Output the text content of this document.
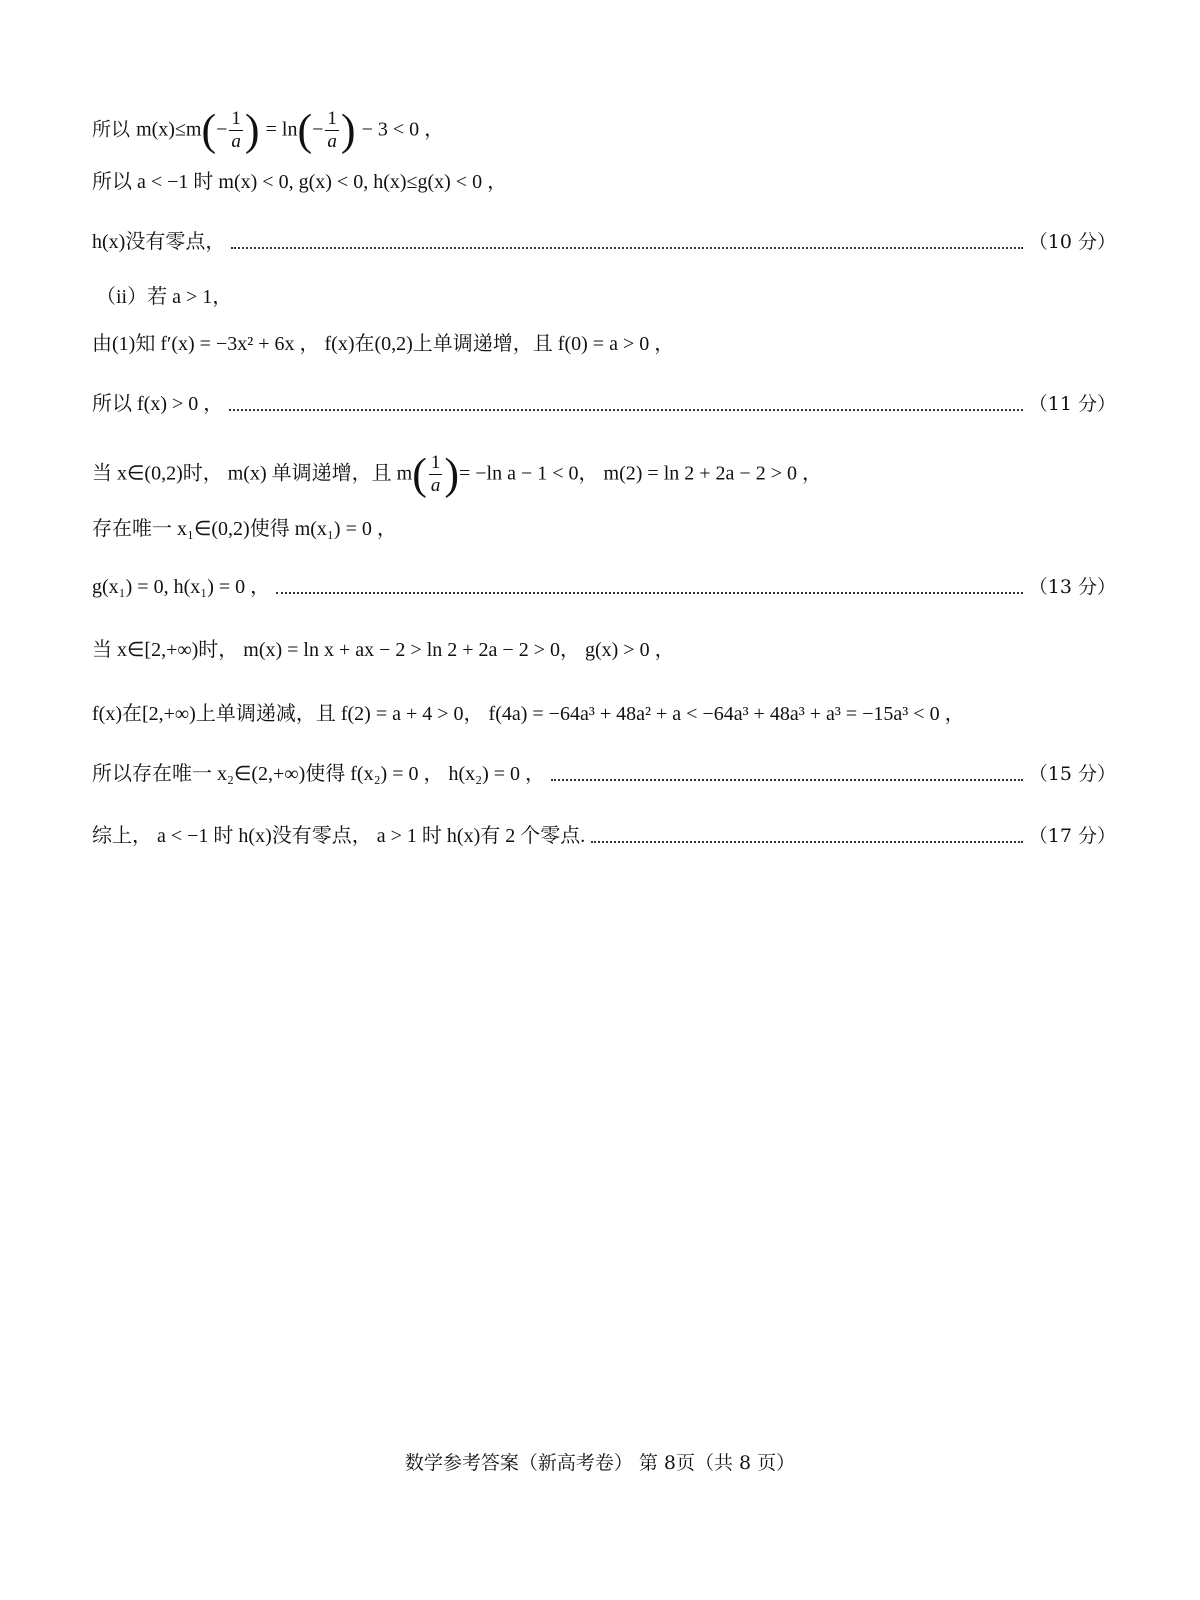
所以 $m(x)\le m(- \frac{1}{a}$ ) = $\ln(- \frac{1}{a}$ ) − 3 < 0 ，
所以 a < −1 时 m(x) < 0, g(x) < 0, h(x)≤g(x) < 0 ，
h(x)没有零点，	（10 分）
（ii）若 a > 1，
由(1)知 f′(x) = −3x² + 6x ， f(x)在(0,2)上单调递增，且 f(0) = a > 0 ，
所以 f(x) > 0 ，	（11 分）
当 x∈(0,2)时， m(x) 单调递增，且 $m( \frac{1}{a}$ )= −ln a − 1 < 0， m(2) = ln 2 + 2a − 2 > 0 ，
存在唯一 x₁∈(0,2)使得 m(x₁) = 0 ，
g(x₁) = 0, h(x₁) = 0 ，	（13 分）
当 x∈[2,+∞)时， m(x) = ln x + ax − 2 > ln 2 + 2a − 2 > 0， g(x) > 0 ，
f(x)在[2,+∞)上单调递减，且 f(2) = a + 4 > 0， f(4a) = −64a³ + 48a² + a < −64a³ + 48a³ + a³ = −15a³ < 0 ，
所以存在唯一 x₂∈(2,+∞)使得 f(x₂) = 0 ， h(x₂) = 0 ，	（15 分）
综上， a < −1 时 h(x)没有零点， a > 1 时 h(x)有 2 个零点.	（17 分）
数学参考答案（新高考卷） 第 8页（共 8 页）
